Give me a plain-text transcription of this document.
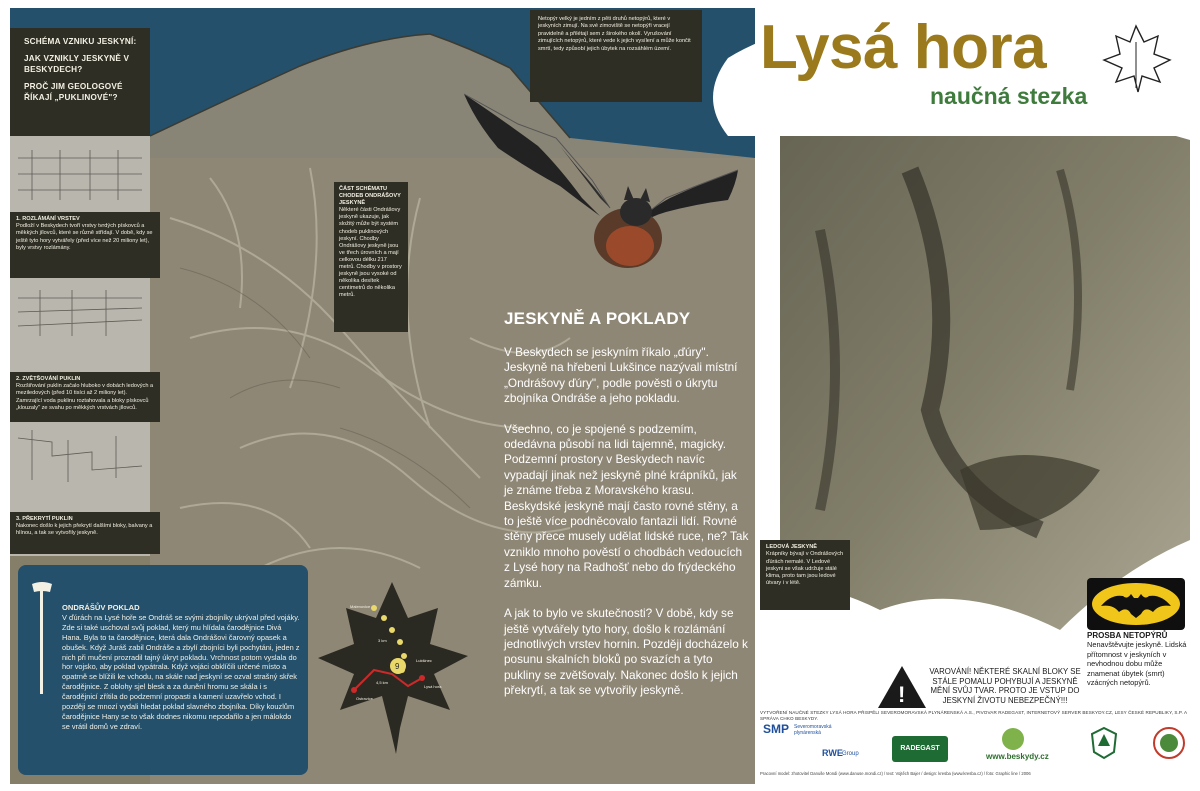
SCHÉMA VZNIKU JESKYNÍ:

JAK VZNIKLY JESKYNĚ V BESKYDECH?

PROČ JIM GEOLOGOVÉ ŘÍKAJÍ „PUKLINOVÉ"?

1. ROZLÁMÁNÍ VRSTEV
Podloží v Beskydech tvoří vrstvy tvrdých pískovců a měkkých jílovců, které se různě střídají. V době, kdy se ještě tyto hory vytvářely (před více než 20 miliony let), byly vrstvy rozlámány.
2. ZVĚTŠOVÁNÍ PUKLIN
Rozšiřování puklin začalo hluboko v dobách ledových a meziledových (před 10 tisíci až 2 miliony let). Zamrzající voda puklinu roztahovala a bloky pískovců „klouzaly" ze svahu po měkkých vrstvách jílovců.
3. PŘEKRYTÍ PUKLIN
Nakonec došlo k jejich překrytí dalšími bloky, balvany a hlínou, a tak se vytvořily jeskyně.
ČÁST SCHÉMATU CHODEB ONDRÁŠOVY JESKYNĚ
Některé části Ondrášovy jeskyně ukazuje, jak složitý může být systém chodeb puklinových jeskyní. Chodby Ondrášovy jeskyně jsou ve třech úrovních a mají celkovou délku 217 metrů. Chodby v prostory jeskyně jsou vysoké od několika desítek centimetrů do několika metrů.
Netopýr velký je jedním z pěti druhů netopýrů, které v jeskyních zimují. Na své zimoviště se netopýři vracejí pravidelně a přilétají sem z širokého okolí. Vyrušování zimujících netopýrů, které vede k jejich vysílení a může končit smrtí, tedy způsobí jejich úbytek na rozsáhlém území.
JESKYNĚ A POKLADY

V Beskydech se jeskyním říkalo „ďúry". Jeskyně na hřebeni Lukšince nazývali místní „Ondrášovy ďúry", podle pověsti o úkrytu zbojníka Ondráše a jeho pokladu.

Všechno, co je spojené s podzemím, odedávna působí na lidi tajemně, magicky. Podzemní prostory v Beskydech navíc vypadají jinak než jeskyně plné krápníků, jak je známe třeba z Moravského krasu. Beskydské jeskyně mají často rovné stěny, a to ještě více podněcovalo fantazii lidí. Rovné stěny přece musely udělat lidské ruce, ne? Tak vzniklo mnoho pověstí o chodbách vedoucích z Lysé hory na Radhošť nebo do frýdeckého zámku.

A jak to bylo ve skutečnosti? V době, kdy se ještě vytvářely tyto hory, došlo k rozlámání jednotlivých vrstev hornin. Později docházelo k posunu skalních bloků po svazích a tyto pukliny se zvětšovaly. Nakonec došlo k jejich překrytí, a tak se vytvořily jeskyně.

ONDRÁŠŮV POKLAD
V ďúrách na Lysé hoře se Ondráš se svými zbojníky ukrýval před vojáky. Zde si také uschoval svůj poklad, který mu hlídala čarodějnice Divá Hana. Byla to ta čarodějnice, která dala Ondrášovi čarovný opasek a obušek. Když Juráš zabil Ondráše a zbylí zbojníci byli pochytáni, jeden z nich při mučení prozradil tajný úkryt pokladu. Vrchnost potom vyslala do hor vojsko, aby poklad vypátrala. Když vojáci obklíčili určené místo a opatrně se blížili ke vchodu, na skále nad jeskyní se ozval strašný skřek čarodějnice. Z oblohy sjel blesk a za dunění hromu se skála i s čarodějnicí zřítila do podzemní propasti a kamení uzavřelo vchod. I později se mnozí vydali hledat poklad slavného zbojníka. Díky kouzlům čarodějnice Hany se to však dodnes nikomu nepodařilo a jen málokdo se vrátil domů ve zdraví.
9
Malenovice
3 km
Lukšinec
4,5 km
Lysá hora
Ostravice
Lysá hora
naučná stezka
LEDOVÁ JESKYNĚ
Krápníky bývají v Ondrášových ďúrách nemalé. V Ledové jeskyni se však udržuje stálé klima, proto tam jsou ledové útvary i v létě.
!

VAROVÁNÍ! NĚKTERÉ SKALNÍ BLOKY SE STÁLE POMALU POHYBUJÍ A JESKYNĚ MĚNÍ SVŮJ TVAR. PROTO JE VSTUP DO JESKYNÍ ŽIVOTU NEBEZPEČNÝ!!!

PROSBA NETOPÝRŮ
Nenavštěvujte jeskyně. Lidská přítomnost v jeskyních v nevhodnou dobu může znamenat úbytek (smrt) vzácných netopýrů.

VYTVOŘENÍ NAUČNÉ STEZKY LYSÁ HORA PŘISPĚLI SEVEROMORAVSKÁ PLYNÁRENSKÁ A.S., PIVOVAR RADEGAST, INTERNETOVÝ SERVER BESKYDY.CZ, LESY ČESKÉ REPUBLIKY, S.P. A SPRÁVA CHKO BESKYDY.

SMP Severomoravská plynárenská
RWE Group
RADEGAST
www.beskydy.cz

Pracovní model: zhotovitel Danuše Mondi (www.danuse.mondi.cz) / text: Vojtěch Bajer / design: kresba (www.kresba.cz) / foto: Graphic line / 2006
